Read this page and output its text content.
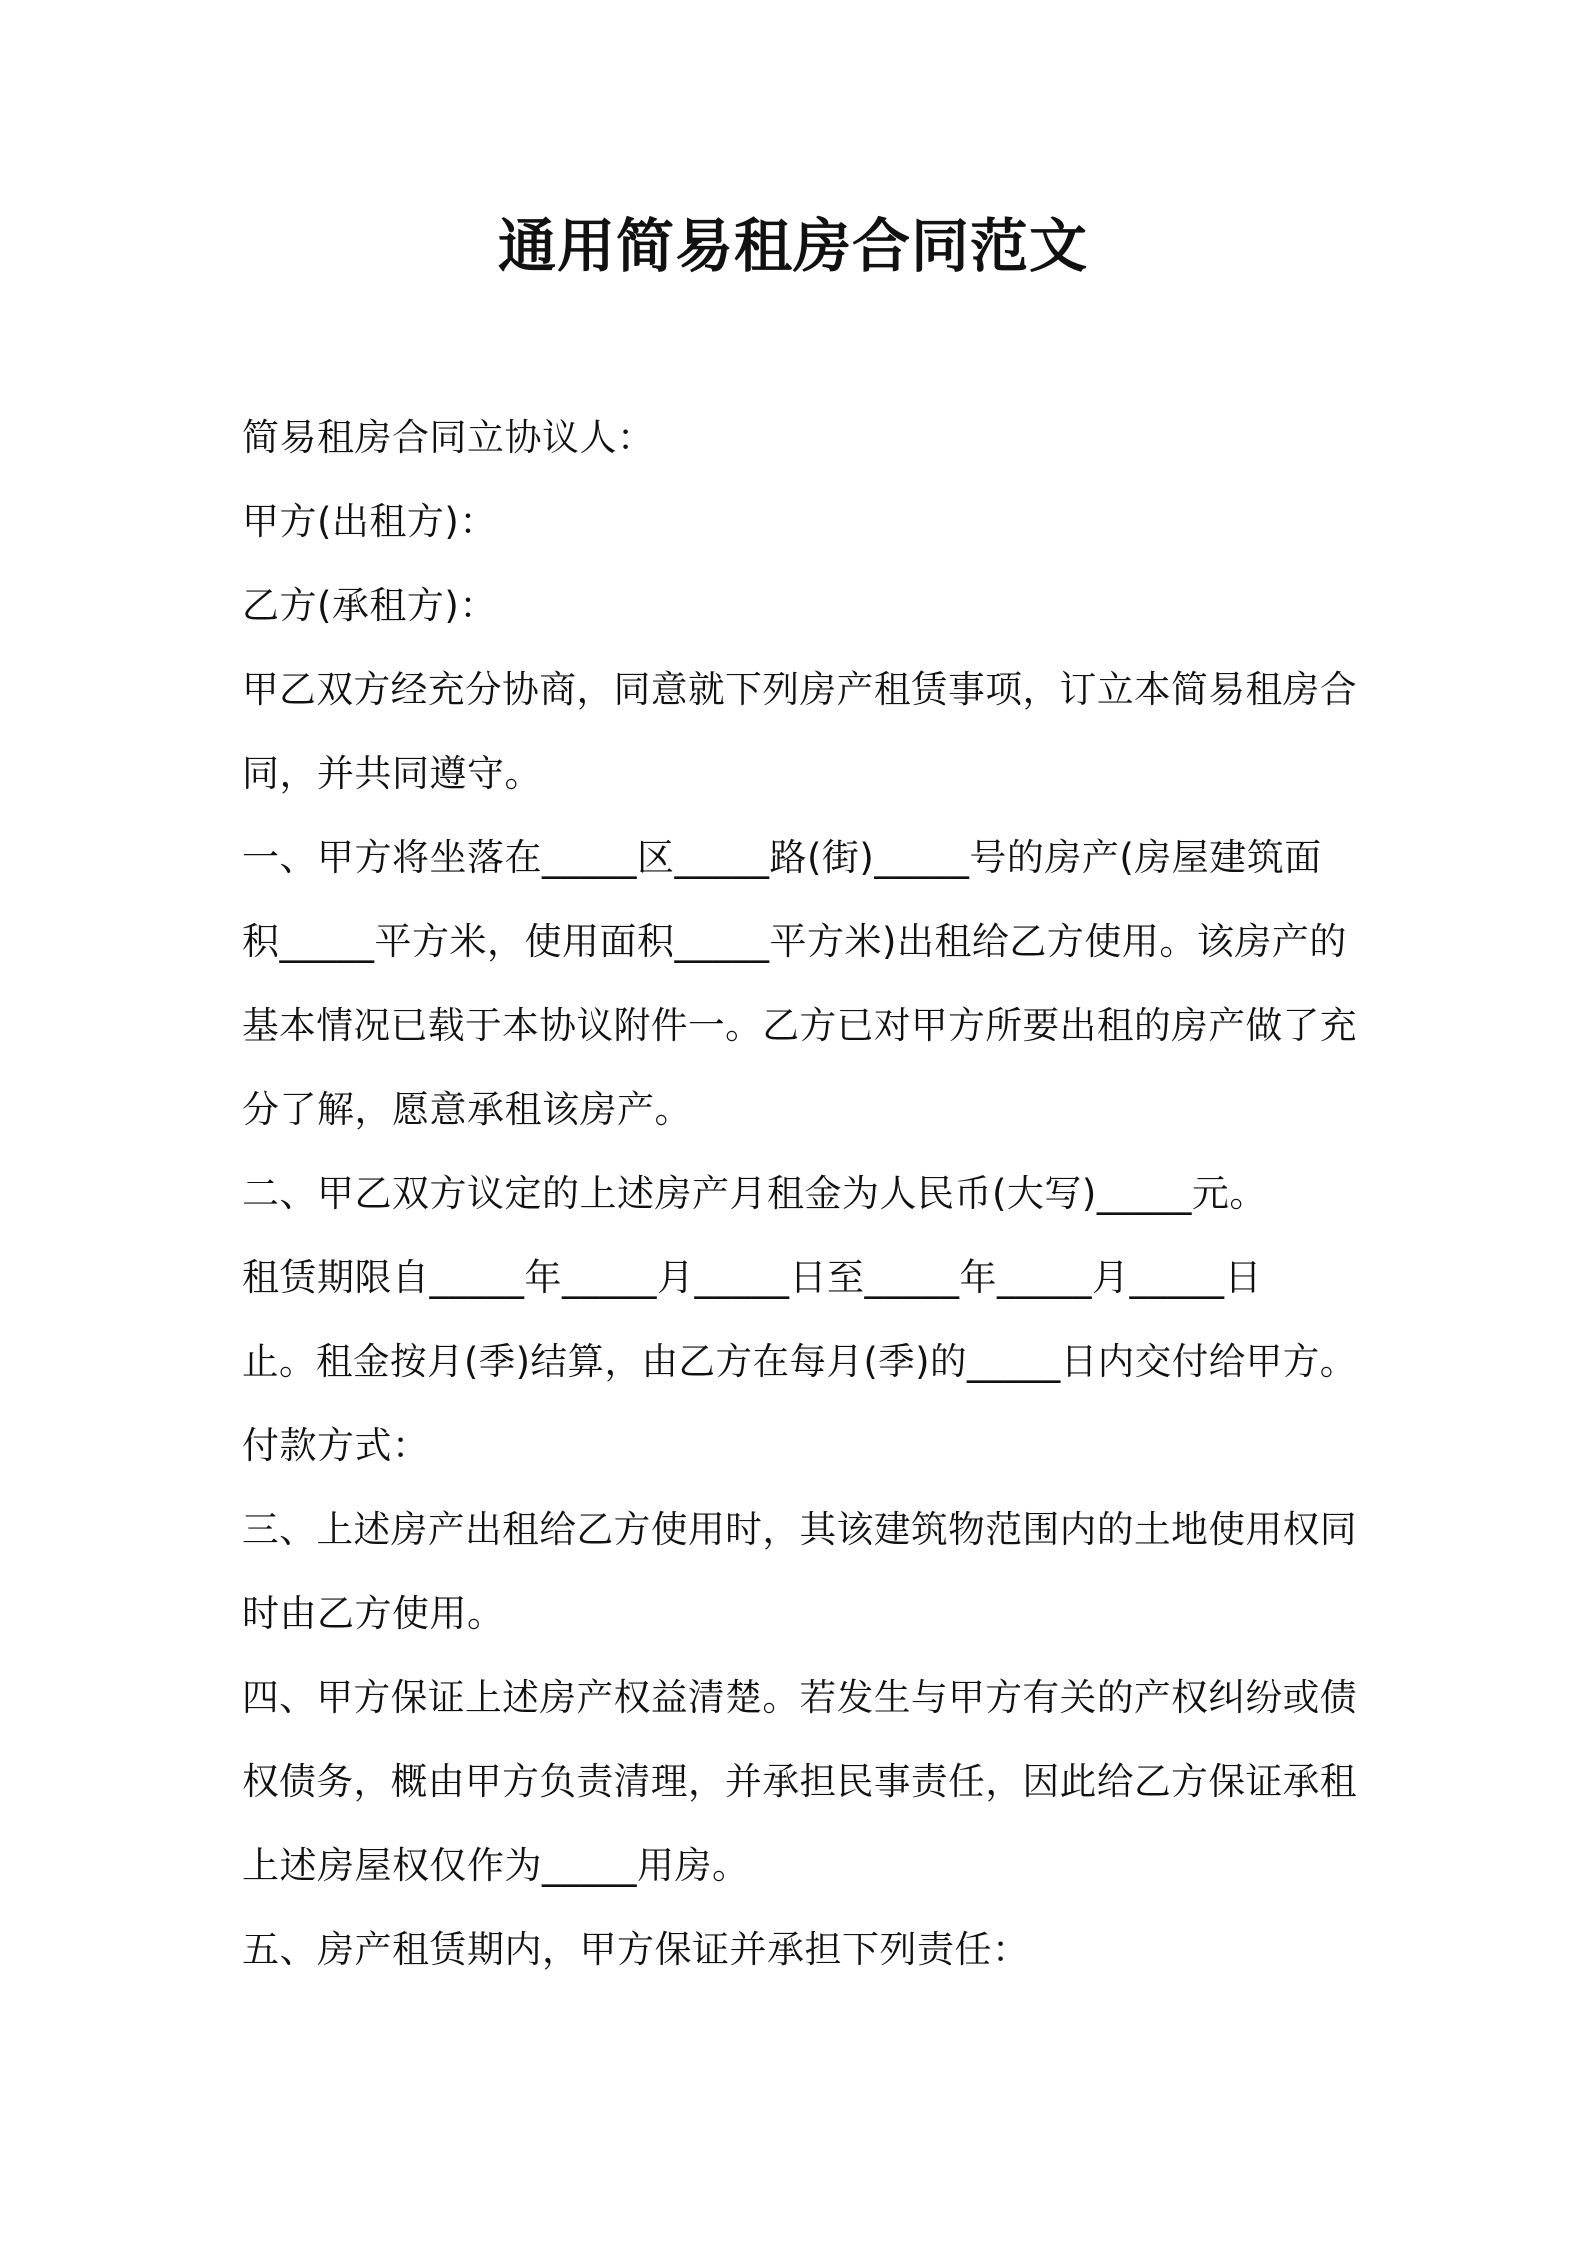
通用简易租房合同范文
简易租房合同立协议人：
甲方(出租方)：
乙方(承租方)：
甲乙双方经充分协商，同意就下列房产租赁事项，订立本简易租房合
同，并共同遵守。
一、甲方将坐落在_____区_____路(街)_____号的房产(房屋建筑面
积_____平方米，使用面积_____平方米)出租给乙方使用。该房产的
基本情况已载于本协议附件一。乙方已对甲方所要出租的房产做了充
分了解，愿意承租该房产。
二、甲乙双方议定的上述房产月租金为人民币(大写)_____元。
租赁期限自_____年_____月_____日至_____年_____月_____日
止。租金按月(季)结算，由乙方在每月(季)的_____日内交付给甲方。
付款方式：
三、上述房产出租给乙方使用时，其该建筑物范围内的土地使用权同
时由乙方使用。
四、甲方保证上述房产权益清楚。若发生与甲方有关的产权纠纷或债
权债务，概由甲方负责清理，并承担民事责任，因此给乙方保证承租
上述房屋权仅作为_____用房。
五、房产租赁期内，甲方保证并承担下列责任：
